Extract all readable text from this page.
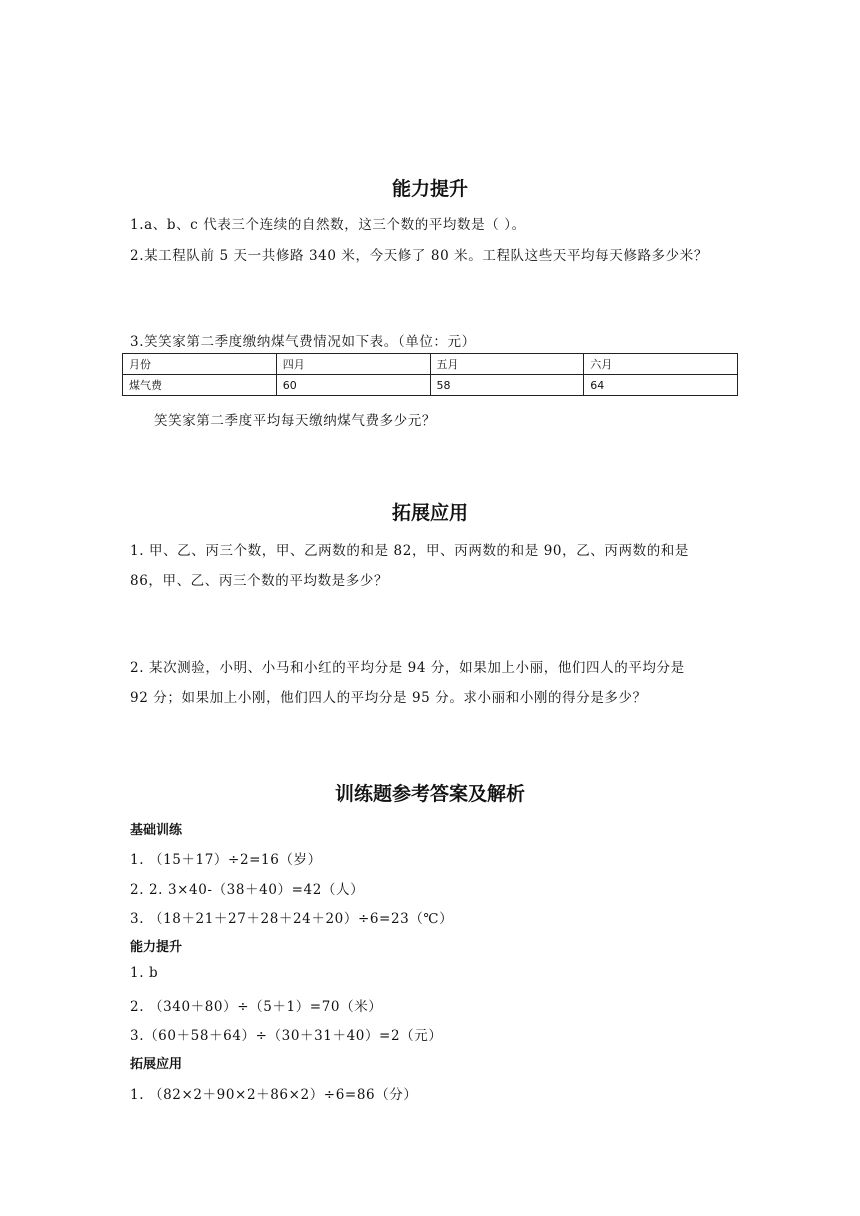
能力提升
1.a、b、c 代表三个连续的自然数，这三个数的平均数是（ ）。
2.某工程队前 5 天一共修路 340 米，今天修了 80 米。工程队这些天平均每天修路多少米？
3.笑笑家第二季度缴纳煤气费情况如下表。（单位：元）
月份	四月	五月	六月
煤气费	60	58	64
笑笑家第二季度平均每天缴纳煤气费多少元？
拓展应用
1. 甲、乙、丙三个数，甲、乙两数的和是 82，甲、丙两数的和是 90，乙、丙两数的和是
86，甲、乙、丙三个数的平均数是多少？
2. 某次测验，小明、小马和小红的平均分是 94 分，如果加上小丽，他们四人的平均分是
92 分；如果加上小刚，他们四人的平均分是 95 分。求小丽和小刚的得分是多少？
训练题参考答案及解析
基础训练
1. （15＋17）÷2=16（岁）
2. 2. 3×40-（38＋40）=42（人）
3. （18＋21＋27＋28＋24＋20）÷6=23（℃）
能力提升
1. b
2. （340＋80）÷（5＋1）=70（米）
3.（60＋58＋64）÷（30＋31＋40）=2（元）
拓展应用
1. （82×2＋90×2＋86×2）÷6=86（分）
